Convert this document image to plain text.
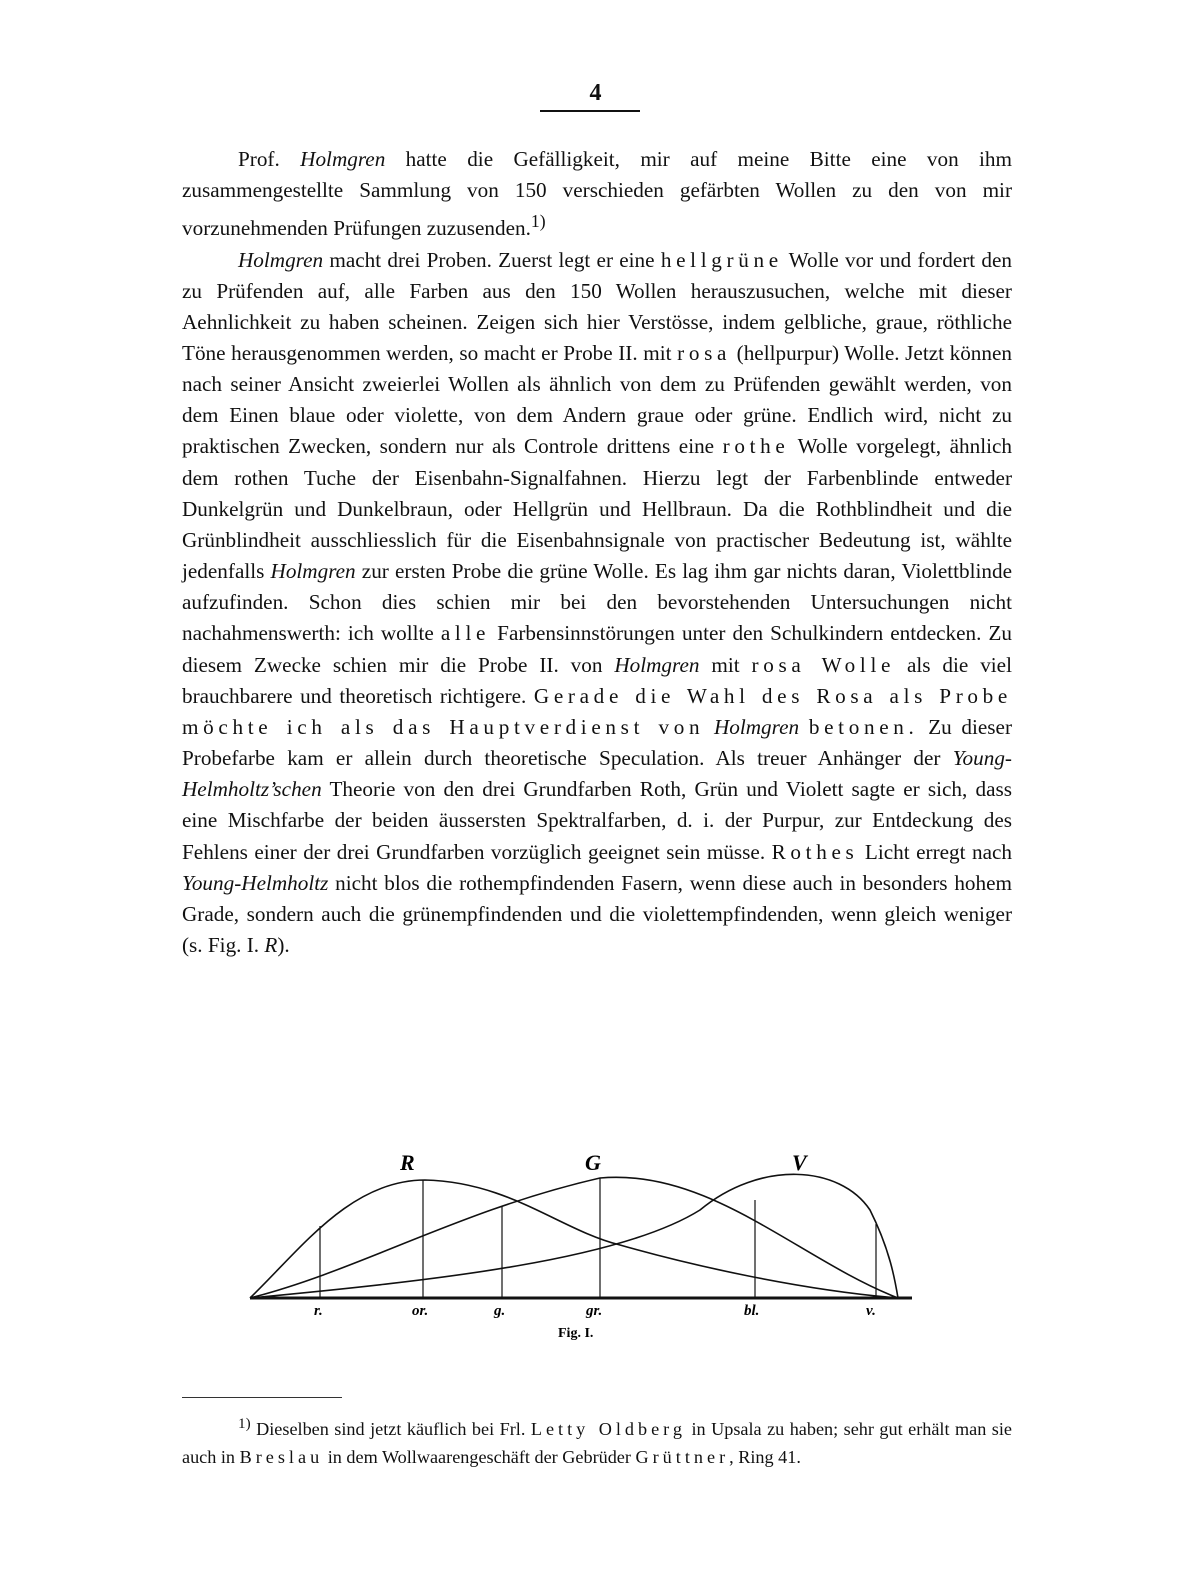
4

Prof. Holmgren hatte die Gefälligkeit, mir auf meine Bitte eine von ihm zusammengestellte Sammlung von 150 verschieden gefärbten Wollen zu den von mir vorzunehmenden Prüfungen zuzusenden.$^{1)}$

Holmgren macht drei Proben. Zuerst legt er eine hellgrüne Wolle vor und fordert den zu Prüfenden auf, alle Farben aus den 150 Wollen herauszusuchen, welche mit dieser Aehnlichkeit zu haben scheinen. Zeigen sich hier Verstösse, indem gelbliche, graue, röthliche Töne herausgenommen werden, so macht er Probe II. mit rosa (hellpurpur) Wolle. Jetzt können nach seiner Ansicht zweierlei Wollen als ähnlich von dem zu Prüfenden gewählt werden, von dem Einen blaue oder violette, von dem Andern graue oder grüne. Endlich wird, nicht zu praktischen Zwecken, sondern nur als Controle drittens eine rothe Wolle vorgelegt, ähnlich dem rothen Tuche der Eisenbahn-Signalfahnen. Hierzu legt der Farbenblinde entweder Dunkelgrün und Dunkelbraun, oder Hellgrün und Hellbraun. Da die Rothblindheit und die Grünblindheit ausschliesslich für die Eisenbahnsignale von practischer Bedeutung ist, wählte jedenfalls Holmgren zur ersten Probe die grüne Wolle. Es lag ihm gar nichts daran, Violettblinde aufzufinden. Schon dies schien mir bei den bevorstehenden Untersuchungen nicht nachahmenswerth: ich wollte alle Farbensinnstörungen unter den Schulkindern entdecken. Zu diesem Zwecke schien mir die Probe II. von Holmgren mit rosa Wolle als die viel brauchbarere und theoretisch richtigere. Gerade die Wahl des Rosa als Probe möchte ich als das Hauptverdienst von Holmgren betonen. Zu dieser Probefarbe kam er allein durch theoretische Speculation. Als treuer Anhänger der Young-Helmholtz’schen Theorie von den drei Grundfarben Roth, Grün und Violett sagte er sich, dass eine Mischfarbe der beiden äussersten Spektralfarben, d. i. der Purpur, zur Entdeckung des Fehlens einer der drei Grundfarben vorzüglich geeignet sein müsse. Rothes Licht erregt nach Young-Helmholtz nicht blos die rothempfindenden Fasern, wenn diese auch in besonders hohem Grade, sondern auch die grünempfindenden und die violettempfindenden, wenn gleich weniger (s. Fig. I. R).

R	G	V
r.	or.	g.	gr.	bl.	v.
Fig. I.

$^{1)}$ Dieselben sind jetzt käuflich bei Frl. Letty Oldberg in Upsala zu haben; sehr gut erhält man sie auch in Breslau in dem Wollwaarengeschäft der Gebrüder Grüttner, Ring 41.
